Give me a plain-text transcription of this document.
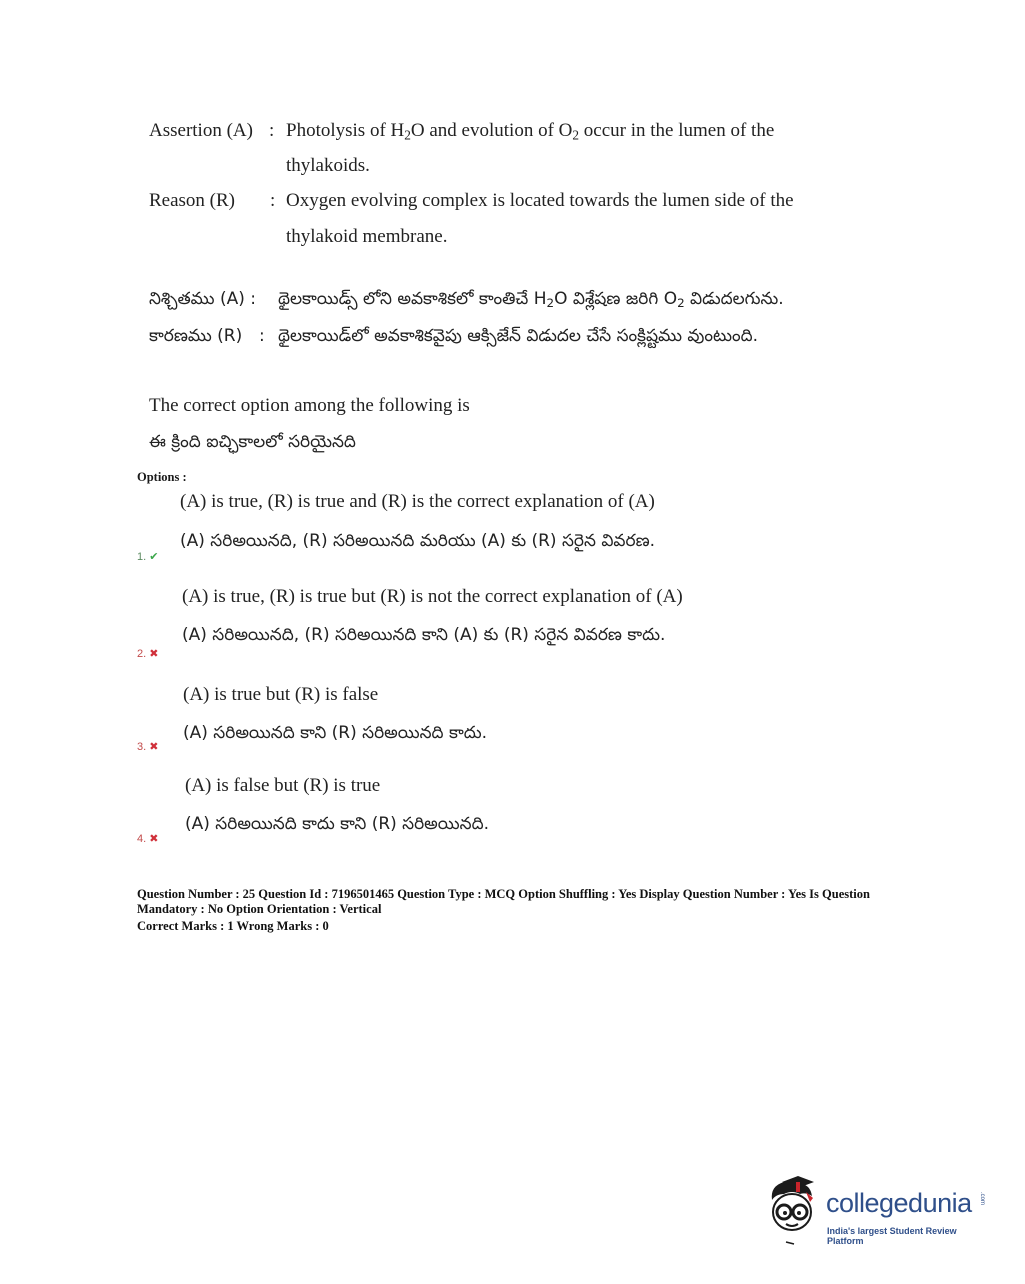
Assertion (A) : Photolysis of $H_2O$ and evolution of $O_2$ occur in the lumen of the
thylakoids.
Reason (R) : Oxygen evolving complex is located towards the lumen side of the
thylakoid membrane.
నిశ్చితము (A) : థైలకాయిడ్స్ లోని అవకాశికలో కాంతిచే $H_2O$ విశ్లేషణ జరిగి $O_2$ విడుదలగును.
కారణము (R) : థైలకాయిడ్‌లో అవకాశికవైపు ఆక్సిజేన్ విడుదల చేసే సంక్లిష్టము వుంటుంది.
The correct option among the following is
ఈ క్రింది ఐచ్ఛికాలలో సరియైనది
Options :
(A) is true, (R) is true and (R) is the correct explanation of (A)
(A) సరిఅయినది, (R) సరిఅయినది మరియు (A) కు (R) సరైన వివరణ.
1. ✔
(A) is true, (R) is true but (R) is not the correct explanation of (A)
(A) సరిఅయినది, (R) సరిఅయినది కాని (A) కు (R) సరైన వివరణ కాదు.
2. ✖
(A) is true but (R) is false
(A) సరిఅయినది కాని (R) సరిఅయినది కాదు.
3. ✖
(A) is false but (R) is true
(A) సరిఅయినది కాదు కాని (R) సరిఅయినది.
4. ✖
Question Number : 25 Question Id : 7196501465 Question Type : MCQ Option Shuffling : Yes Display Question Number : Yes Is Question
Mandatory : No Option Orientation : Vertical
Correct Marks : 1 Wrong Marks : 0
collegedunia .com
India's largest Student Review Platform
